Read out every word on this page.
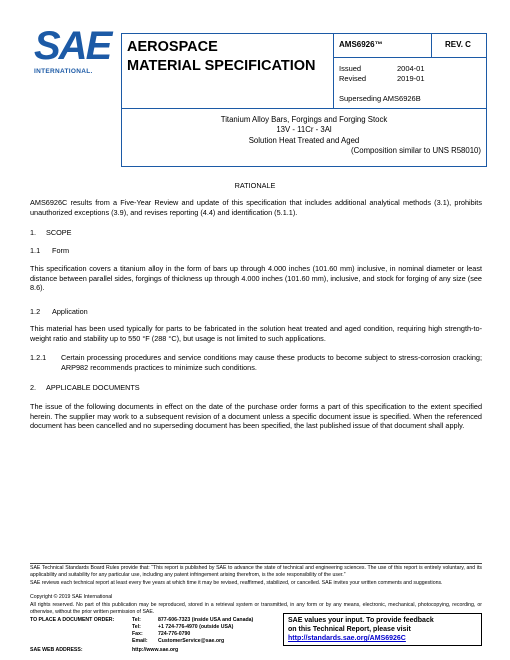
SAE
INTERNATIONAL.
AEROSPACE
MATERIAL SPECIFICATION
AMS6926™	REV. C
Issued	2004-01
Revised	2019-01
Superseding AMS6926B
Titanium Alloy Bars, Forgings and Forging Stock
13V - 11Cr - 3Al
Solution Heat Treated and Aged
(Composition similar to UNS R58010)
RATIONALE
AMS6926C results from a Five-Year Review and update of this specification that includes additional analytical methods (3.1), prohibits unauthorized exceptions (3.9), and revises reporting (4.4) and identification (5.1.1).
1. SCOPE
1.1 Form
This specification covers a titanium alloy in the form of bars up through 4.000 inches (101.60 mm) inclusive, in nominal diameter or least distance between parallel sides, forgings of thickness up through 4.000 inches (101.60 mm), inclusive, and stock for forging of any size (see 8.6).
1.2 Application
This material has been used typically for parts to be fabricated in the solution heat treated and aged condition, requiring high strength-to-weight ratio and stability up to 550 °F (288 °C), but usage is not limited to such applications.
1.2.1 Certain processing procedures and service conditions may cause these products to become subject to stress-corrosion cracking; ARP982 recommends practices to minimize such conditions.
2. APPLICABLE DOCUMENTS
The issue of the following documents in effect on the date of the purchase order forms a part of this specification to the extent specified herein. The supplier may work to a subsequent revision of a document unless a specific document issue is specified. When the referenced document has been cancelled and no superseding document has been specified, the last published issue of that document shall apply.
SAE Technical Standards Board Rules provide that: “This report is published by SAE to advance the state of technical and engineering sciences. The use of this report is entirely voluntary, and its applicability and suitability for any particular use, including any patent infringement arising therefrom, is the sole responsibility of the user.”
SAE reviews each technical report at least every five years at which time it may be revised, reaffirmed, stabilized, or cancelled. SAE invites your written comments and suggestions.
Copyright © 2019 SAE International
All rights reserved. No part of this publication may be reproduced, stored in a retrieval system or transmitted, in any form or by any means, electronic, mechanical, photocopying, recording, or otherwise, without the prior written permission of SAE.
TO PLACE A DOCUMENT ORDER:	Tel:	877-606-7323 (inside USA and Canada)
Tel:	+1 724-776-4970 (outside USA)
Fax:	724-776-0790
Email:	CustomerService@sae.org
SAE WEB ADDRESS:	http://www.sae.org
SAE values your input. To provide feedback
on this Technical Report, please visit
http://standards.sae.org/AMS6926C
